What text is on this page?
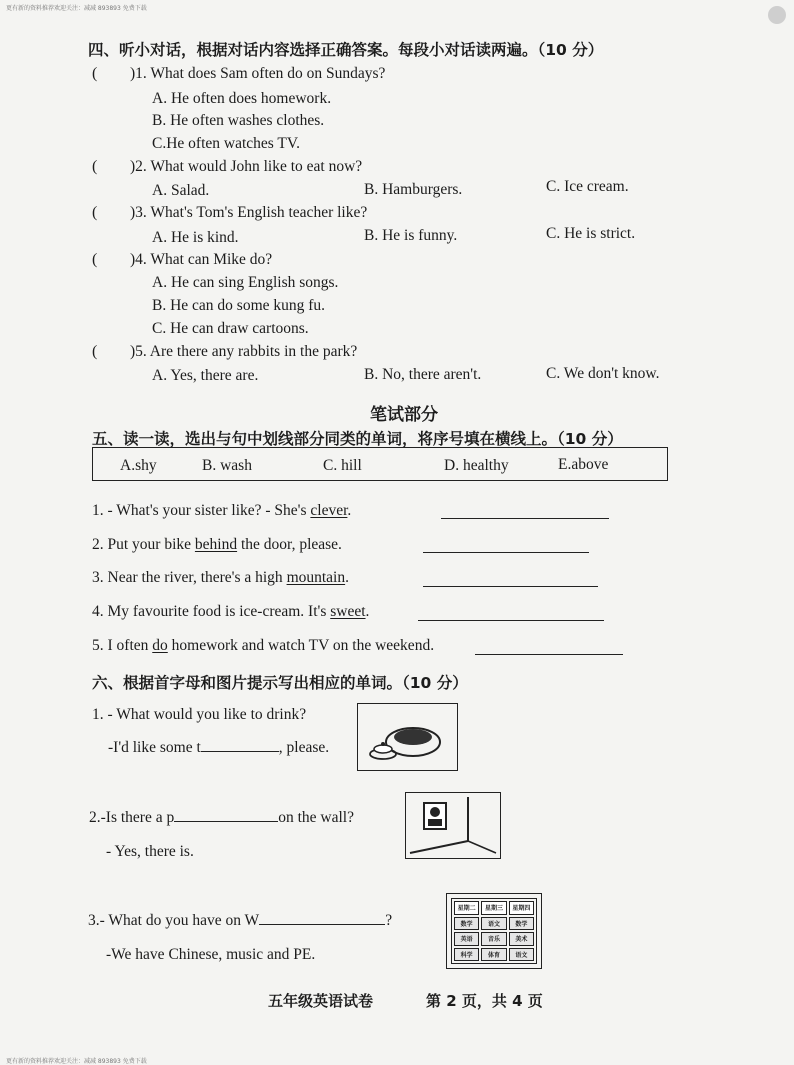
更有新的资料推荐欢迎关注：减减 893893 免费下载
四、听小对话，根据对话内容选择正确答案。每段小对话读两遍。（10 分）
( )1. What does Sam often do on Sundays?
A. He often does homework.
B. He often washes clothes.
C.He often watches TV.
( )2. What would John like to eat now?
A. Salad.	B. Hamburgers.	C. Ice cream.
( )3. What's Tom's English teacher like?
A. He is kind.	B. He is funny.	C. He is strict.
( )4. What can Mike do?
A. He can sing English songs.
B. He can do some kung fu.
C. He can draw cartoons.
( )5. Are there any rabbits in the park?
A. Yes, there are.	B. No, there aren't.	C. We don't know.
笔试部分
五、读一读，选出与句中划线部分同类的单词，将序号填在横线上。（10 分）
A.shy	B. wash	C. hill	D. healthy	E.above
1. - What's your sister like? - She's clever.
2. Put your bike behind the door, please.
3. Near the river, there's a high mountain.
4. My favourite food is ice-cream. It's sweet.
5. I often do homework and watch TV on the weekend.
六、根据首字母和图片提示写出相应的单词。（10 分）
1. - What would you like to drink?
-I'd like some t	, please.
2.-Is there a p	on the wall?
- Yes, there is.
3.- What do you have on W	?
-We have Chinese, music and PE.
星期二	星期三	星期四
数学	语文	数学
英语	音乐	美术
科学	体育	语文
五年级英语试卷	第 2 页，共 4 页
更有新的资料推荐欢迎关注：减减 893893 免费下载
